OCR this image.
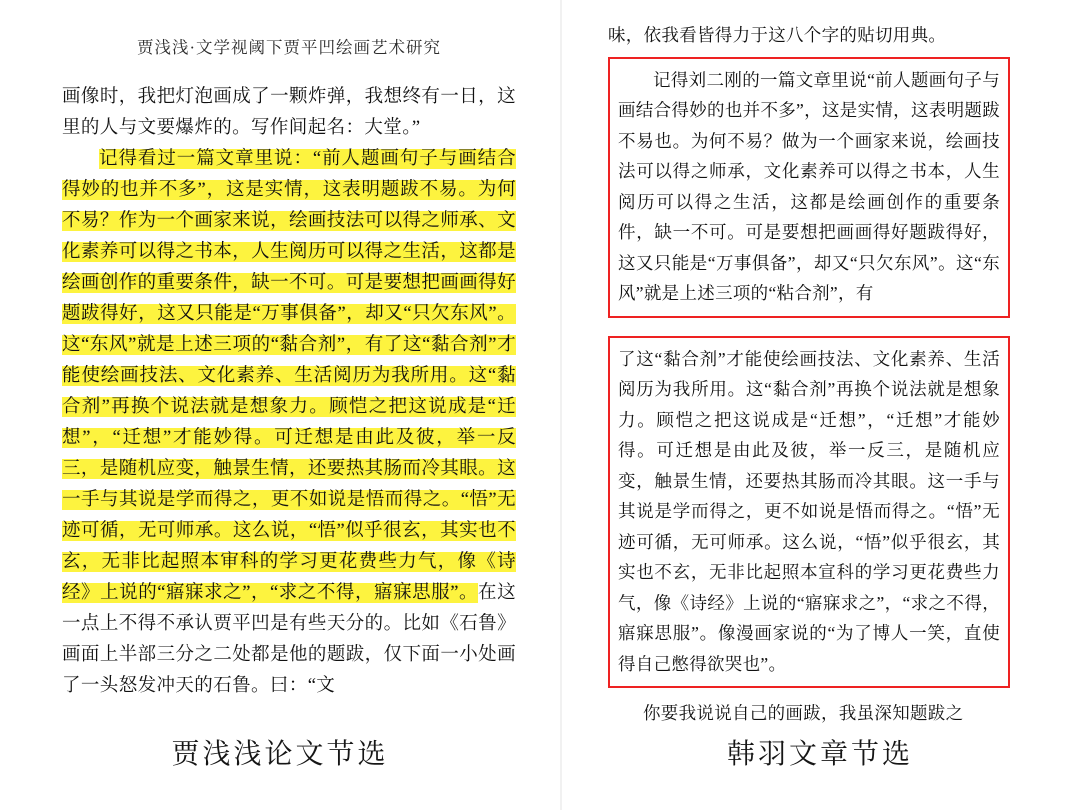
贾浅浅·文学视阈下贾平凹绘画艺术研究

画像时，我把灯泡画成了一颗炸弹，我想终有一日，这里的人与文要爆炸的。写作间起名：大堂。”

记得看过一篇文章里说：“前人题画句子与画结合得妙的也并不多”，这是实情，这表明题跋不易。为何不易？作为一个画家来说，绘画技法可以得之师承、文化素养可以得之书本，人生阅历可以得之生活，这都是绘画创作的重要条件，缺一不可。可是要想把画画得好题跋得好，这又只能是“万事俱备”，却又“只欠东风”。这“东风”就是上述三项的“黏合剂”，有了这“黏合剂”才能使绘画技法、文化素养、生活阅历为我所用。这“黏合剂”再换个说法就是想象力。顾恺之把这说成是“迁想”，“迁想”才能妙得。可迁想是由此及彼，举一反三，是随机应变，触景生情，还要热其肠而冷其眼。这一手与其说是学而得之，更不如说是悟而得之。“悟”无迹可循，无可师承。这么说，“悟”似乎很玄，其实也不玄，无非比起照本审科的学习更花费些力气，像《诗经》上说的“寤寐求之”，“求之不得，寤寐思服”。在这一点上不得不承认贾平凹是有些天分的。比如《石鲁》画面上半部三分之二处都是他的题跋，仅下面一小处画了一头怒发冲天的石鲁。曰：“文

味，依我看皆得力于这八个字的贴切用典。

记得刘二刚的一篇文章里说“前人题画句子与画结合得妙的也并不多”，这是实情，这表明题跋不易也。为何不易？做为一个画家来说，绘画技法可以得之师承，文化素养可以得之书本，人生阅历可以得之生活，这都是绘画创作的重要条件，缺一不可。可是要想把画画得好题跋得好，这又只能是“万事俱备”，却又“只欠东风”。这“东风”就是上述三项的“粘合剂”，有

了这“黏合剂”才能使绘画技法、文化素养、生活阅历为我所用。这“黏合剂”再换个说法就是想象力。顾恺之把这说成是“迁想”，“迁想”才能妙得。可迁想是由此及彼，举一反三，是随机应变，触景生情，还要热其肠而冷其眼。这一手与其说是学而得之，更不如说是悟而得之。“悟”无迹可循，无可师承。这么说，“悟”似乎很玄，其实也不玄，无非比起照本宣科的学习更花费些力气，像《诗经》上说的“寤寐求之”，“求之不得，寤寐思服”。像漫画家说的“为了博人一笑，直使得自己憋得欲哭也”。

你要我说说自己的画跋，我虽深知题跋之

贾浅浅论文节选	韩羽文章节选
